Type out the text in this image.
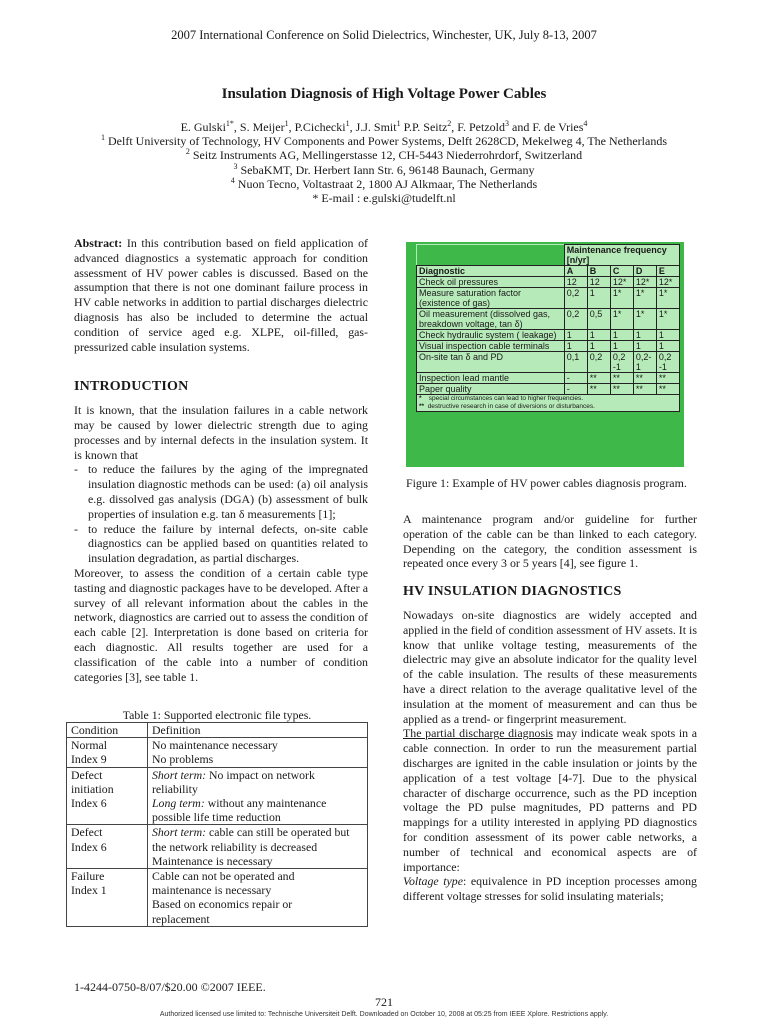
2007 International Conference on Solid Dielectrics, Winchester, UK, July 8-13, 2007
Insulation Diagnosis of High Voltage Power Cables
E. Gulski$^{1*}$, S. Meijer$^1$, P.Cichecki$^1$, J.J. Smit$^1$ P.P. Seitz$^2$, F. Petzold$^3$ and F. de Vries$^4$
$^1$ Delft University of Technology, HV Components and Power Systems, Delft 2628CD, Mekelweg 4, The Netherlands
$^2$ Seitz Instruments AG, Mellingerstasse 12, CH-5443 Niederrohrdorf, Switzerland
$^3$ SebaKMT, Dr. Herbert Iann Str. 6, 96148 Baunach, Germany
$^4$ Nuon Tecno, Voltastraat 2, 1800 AJ Alkmaar, The Netherlands
* E-mail : e.gulski@tudelft.nl

Abstract: In this contribution based on field application of advanced diagnostics a systematic approach for condition assessment of HV power cables is discussed. Based on the assumption that there is not one dominant failure process in HV cable networks in addition to partial discharges dielectric diagnosis has also be included to determine the actual condition of service aged e.g. XLPE, oil-filled, gas-pressurized cable insulation systems.

INTRODUCTION

It is known, that the insulation failures in a cable network may be caused by lower dielectric strength due to aging processes and by internal defects in the insulation system. It is known that

- to reduce the failures by the aging of the impregnated insulation diagnostic methods can be used: (a) oil analysis e.g. dissolved gas analysis (DGA) (b) assessment of bulk properties of insulation e.g. tan δ measurements [1];
- to reduce the failure by internal defects, on-site cable diagnostics can be applied based on quantities related to insulation degradation, as partial discharges.

Moreover, to assess the condition of a certain cable type tasting and diagnostic packages have to be developed. After a survey of all relevant information about the cables in the network, diagnostics are carried out to assess the condition of each cable [2]. Interpretation is done based on criteria for each diagnostic. All results together are used for a classification of the cable into a number of condition categories [3], see table 1.

Table 1: Supported electronic file types.
Condition	Definition

Normal
Index 9	No maintenance necessary
No problems

Defect
initiation
Index 6	Short term: No impact on network
reliability
Long term: without any maintenance
possible life time reduction

Defect
Index 6	Short term: cable can still be operated but
the network reliability is decreased
Maintenance is necessary

Failure
Index 1	Cable can not be operated and
maintenance is necessary
Based on economics repair or
replacement
	Maintenance frequency [n/yr]				
Diagnostic	A	B	C	D	E
Check oil pressures	12	12	12*	12*	12*
Measure saturation factor (existence of gas)	0,2	1	1*	1*	1*
Oil measurement (dissolved gas, breakdown voltage, tan δ)	0,2	0,5	1*	1*	1*
Check hydraulic system ( leakage)	1	1	1	1	1
Visual inspection cable terminals	1	1	1	1	1
On-site tan δ and PD	0,1	0,2	0,2 -1	0,2-1	0,2 -1
Inspection lead mantle	-	**	**	**	**
Paper quality	-	**	**	**	**

* special circumstances can lead to higher frequencies.
** destructive research in case of diversions or disturbances.					
Figure 1: Example of HV power cables diagnosis program.

A maintenance program and/or guideline for further operation of the cable can be than linked to each category. Depending on the category, the condition assessment is repeated once every 3 or 5 years [4], see figure 1.

HV INSULATION DIAGNOSTICS

Nowadays on-site diagnostics are widely accepted and applied in the field of condition assessment of HV assets. It is know that unlike voltage testing, measurements of the dielectric may give an absolute indicator for the quality level of the cable insulation. The results of these measurements have a direct relation to the average qualitative level of the insulation at the moment of measurement and can thus be applied as a trend- or fingerprint measurement.

The partial discharge diagnosis may indicate weak spots in a cable connection. In order to run the measurement partial discharges are ignited in the cable insulation or joints by the application of a test voltage [4-7]. Due to the physical character of discharge occurrence, such as the PD inception voltage the PD pulse magnitudes, PD patterns and PD mappings for a utility interested in applying PD diagnostics for condition assessment of its power cable networks, a number of technical and economical aspects are of importance:

Voltage type: equivalence in PD inception processes among different voltage stresses for solid insulating materials;

1-4244-0750-8/07/$20.00 ©2007 IEEE.
721
Authorized licensed use limited to: Technische Universiteit Delft. Downloaded on October 10, 2008 at 05:25 from IEEE Xplore. Restrictions apply.
